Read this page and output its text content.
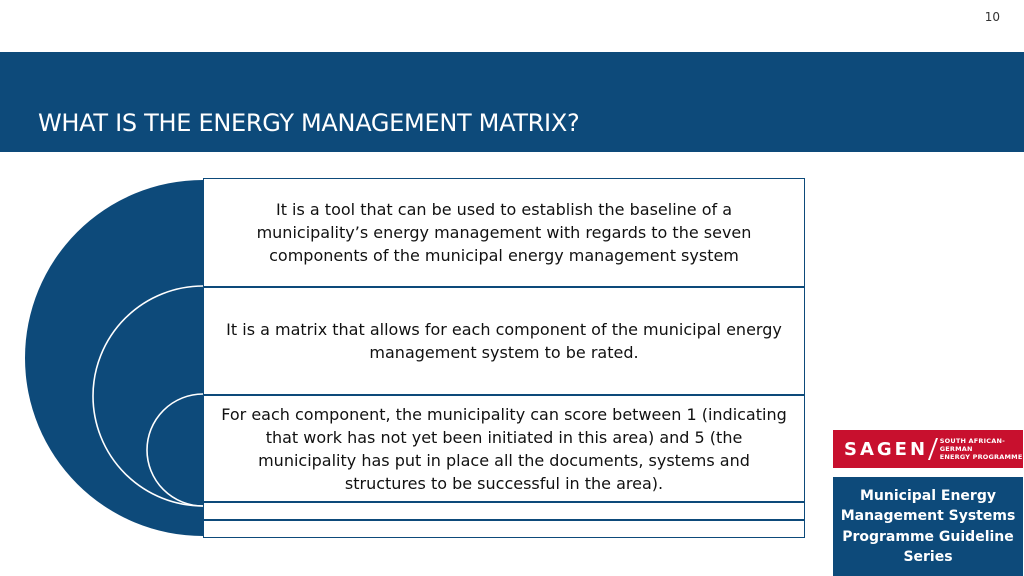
10
WHAT IS THE ENERGY MANAGEMENT MATRIX?
It is a tool that can be used to establish the baseline of a municipality’s energy management with regards to the seven components of the municipal energy management system
It is a matrix that allows for each component of the municipal energy management system to be rated.
For each component, the municipality can score between 1 (indicating that work has not yet been initiated in this area) and 5 (the municipality has put in place all the documents, systems and structures to be successful in the area).
SAGEN SOUTH AFRICAN-GERMAN
ENERGY PROGRAMME
Municipal Energy Management Systems Programme Guideline Series
